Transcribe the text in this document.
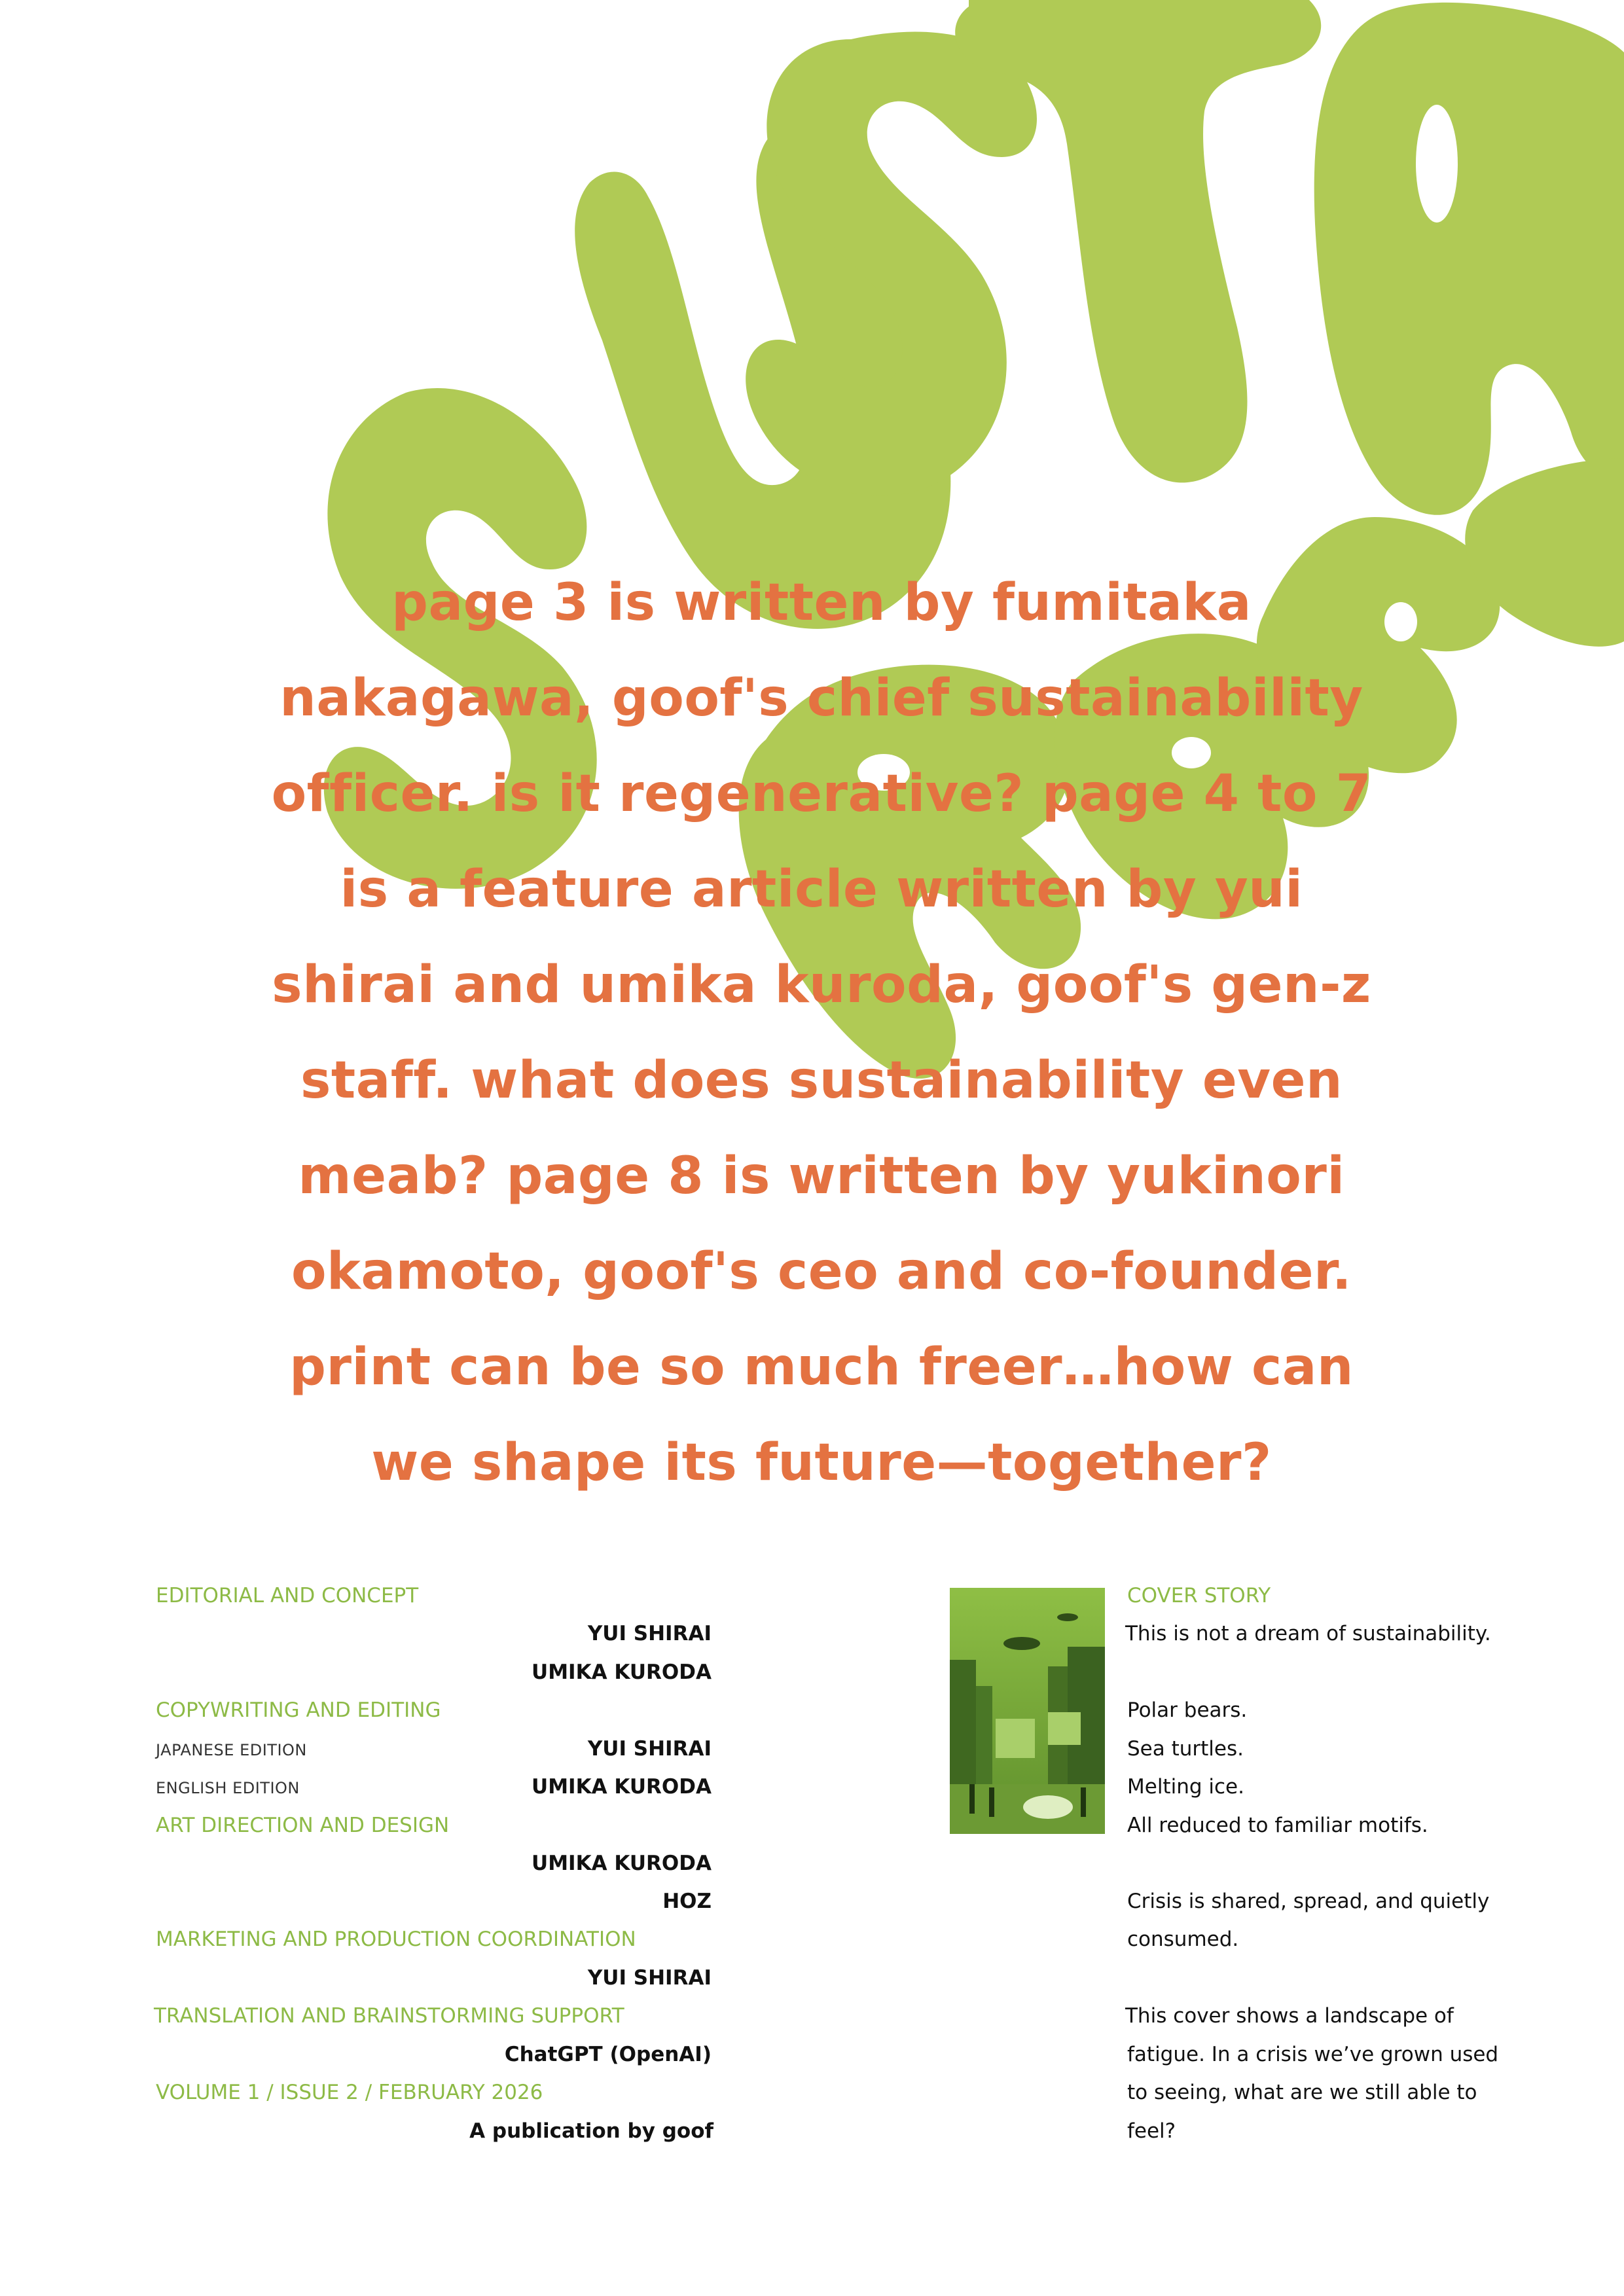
page 3 is written by fumitaka nakagawa, goof's chief sustainability officer. is it regenerative? page 4 to 7 is a feature article written by yui shirai and umika kuroda, goof's gen-z staff. what does sustainability even meab? page 8 is written by yukinori okamoto, goof's ceo and co-founder. print can be so much freer…how can we shape its future—together?
EDITORIAL AND CONCEPT
YUI SHIRAI
UMIKA KURODA
COPYWRITING AND EDITING
JAPANESE EDITION	YUI SHIRAI
ENGLISH EDITION	UMIKA KURODA
ART DIRECTION AND DESIGN
UMIKA KURODA
HOZ
MARKETING AND PRODUCTION COORDINATION
YUI SHIRAI
TRANSLATION AND BRAINSTORMING SUPPORT
ChatGPT (OpenAI)
VOLUME 1 / ISSUE 2 / FEBRUARY 2026
A publication by goof
COVER STORY
This is not a dream of sustainability.
Polar bears.
Sea turtles.
Melting ice.
All reduced to familiar motifs.
Crisis is shared, spread, and quietly
consumed.
This cover shows a landscape of
fatigue. In a crisis we’ve grown used
to seeing, what are we still able to
feel?
